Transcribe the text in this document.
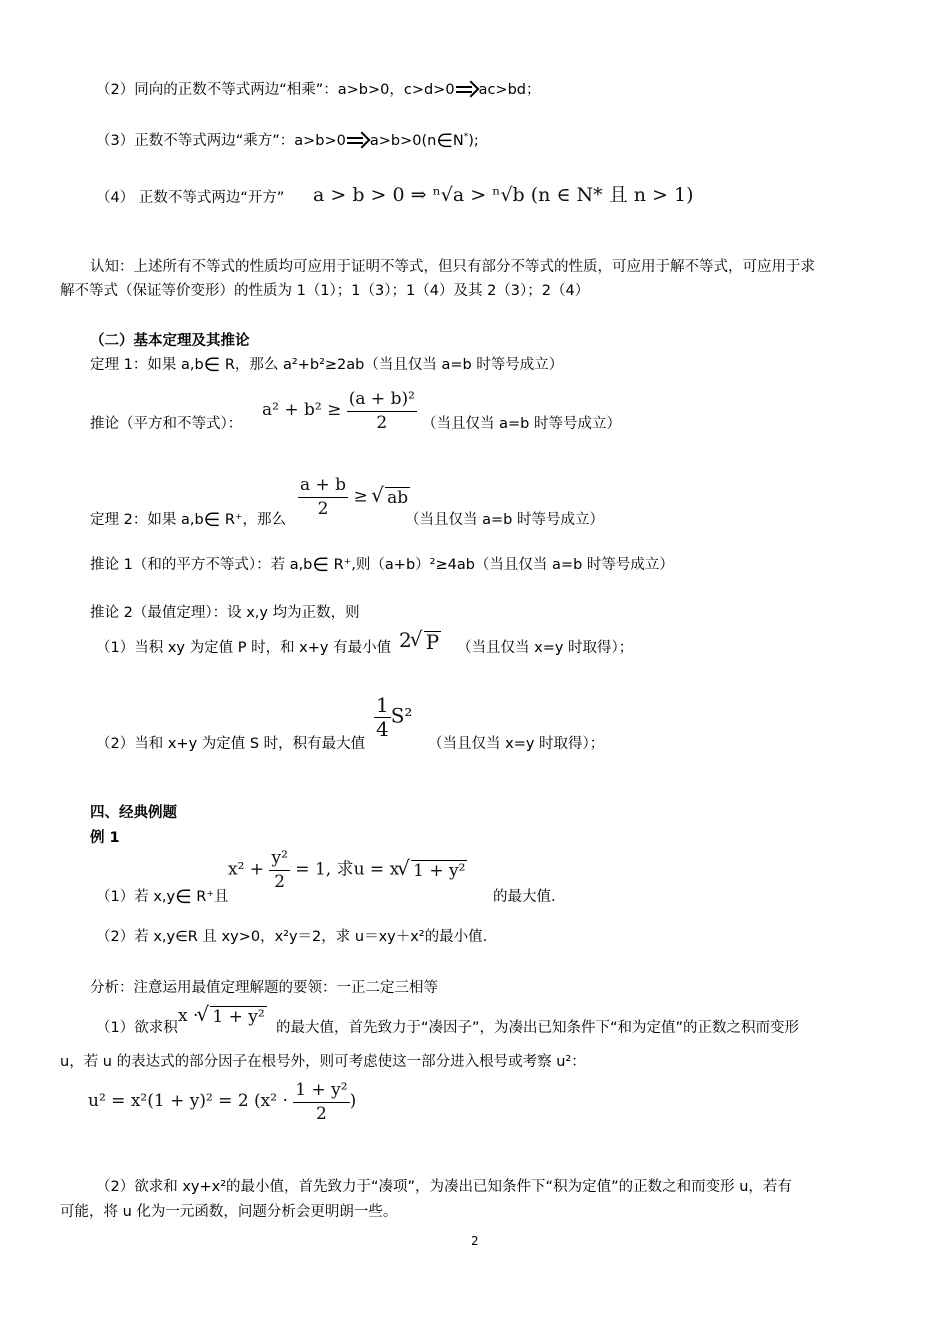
（2）同向的正数不等式两边“相乘”：a>b>0，c>d>0 ac>bd；
（3）正数不等式两边“乘方”：a>b>0 a>b>0(n∈N*);
（4） 正数不等式两边“开方” a > b > 0 ⇒ ⁿ√a > ⁿ√b (n ∈ N* 且 n > 1)
认知：上述所有不等式的性质均可应用于证明不等式，但只有部分不等式的性质，可应用于解不等式，可应用于求
解不等式（保证等价变形）的性质为 1（1）；1（3）；1（4）及其 2（3）；2（4）
（二）基本定理及其推论
定理 1：如果 a,b∈ R，那么 a²+b²≥2ab（当且仅当 a=b 时等号成立）
推论（平方和不等式）：
$a^2 + b^2 \ge \frac{\text{(a + b)²}}{2}$ （当且仅当 a=b 时等号成立）
定理 2：如果 a,b∈ R⁺，那么 $\frac{a + b}{2}$ ≥ √ ab
（当且仅当 a=b 时等号成立）
推论 1（和的平方不等式）：若 a,b∈ R⁺,则（a+b）²≥4ab（当且仅当 a=b 时等号成立）
推论 2（最值定理）：设 x,y 均为正数，则
（1）当积 xy 为定值 P 时，和 x+y 有最小值 2 √ P （当且仅当 x=y 时取得）；
（2）当和 x+y 为定值 S 时，积有最大值
$\frac{1}{4} S^2$
（当且仅当 x=y 时取得）；
四、经典例题
例 1
（1）若 x,y∈ R⁺且
$x^2 + \frac{\text{y²}}{2} = 1$, 求u = x √ 1 + y²
的最大值.
（2）若 x,y∈R 且 xy>0，x²y＝2，求 u＝xy＋x²的最小值.
分析：注意运用最值定理解题的要领：一正二定三相等
（1）欲求积
x · √ 1 + y²
的最大值，首先致力于“凑因子”，为凑出已知条件下“和为定值”的正数之积而变形
u，若 u 的表达式的部分因子在根号外，则可考虑使这一部分进入根号或考察 u²：
u² = x²(1 + y)² = 2 ($x^2 \cdot \frac{\text{1 + y²}}{2}$ )
（2）欲求和 xy+x²的最小值，首先致力于“凑项”，为凑出已知条件下“积为定值”的正数之和而变形 u，若有
可能，将 u 化为一元函数，问题分析会更明朗一些。
2
